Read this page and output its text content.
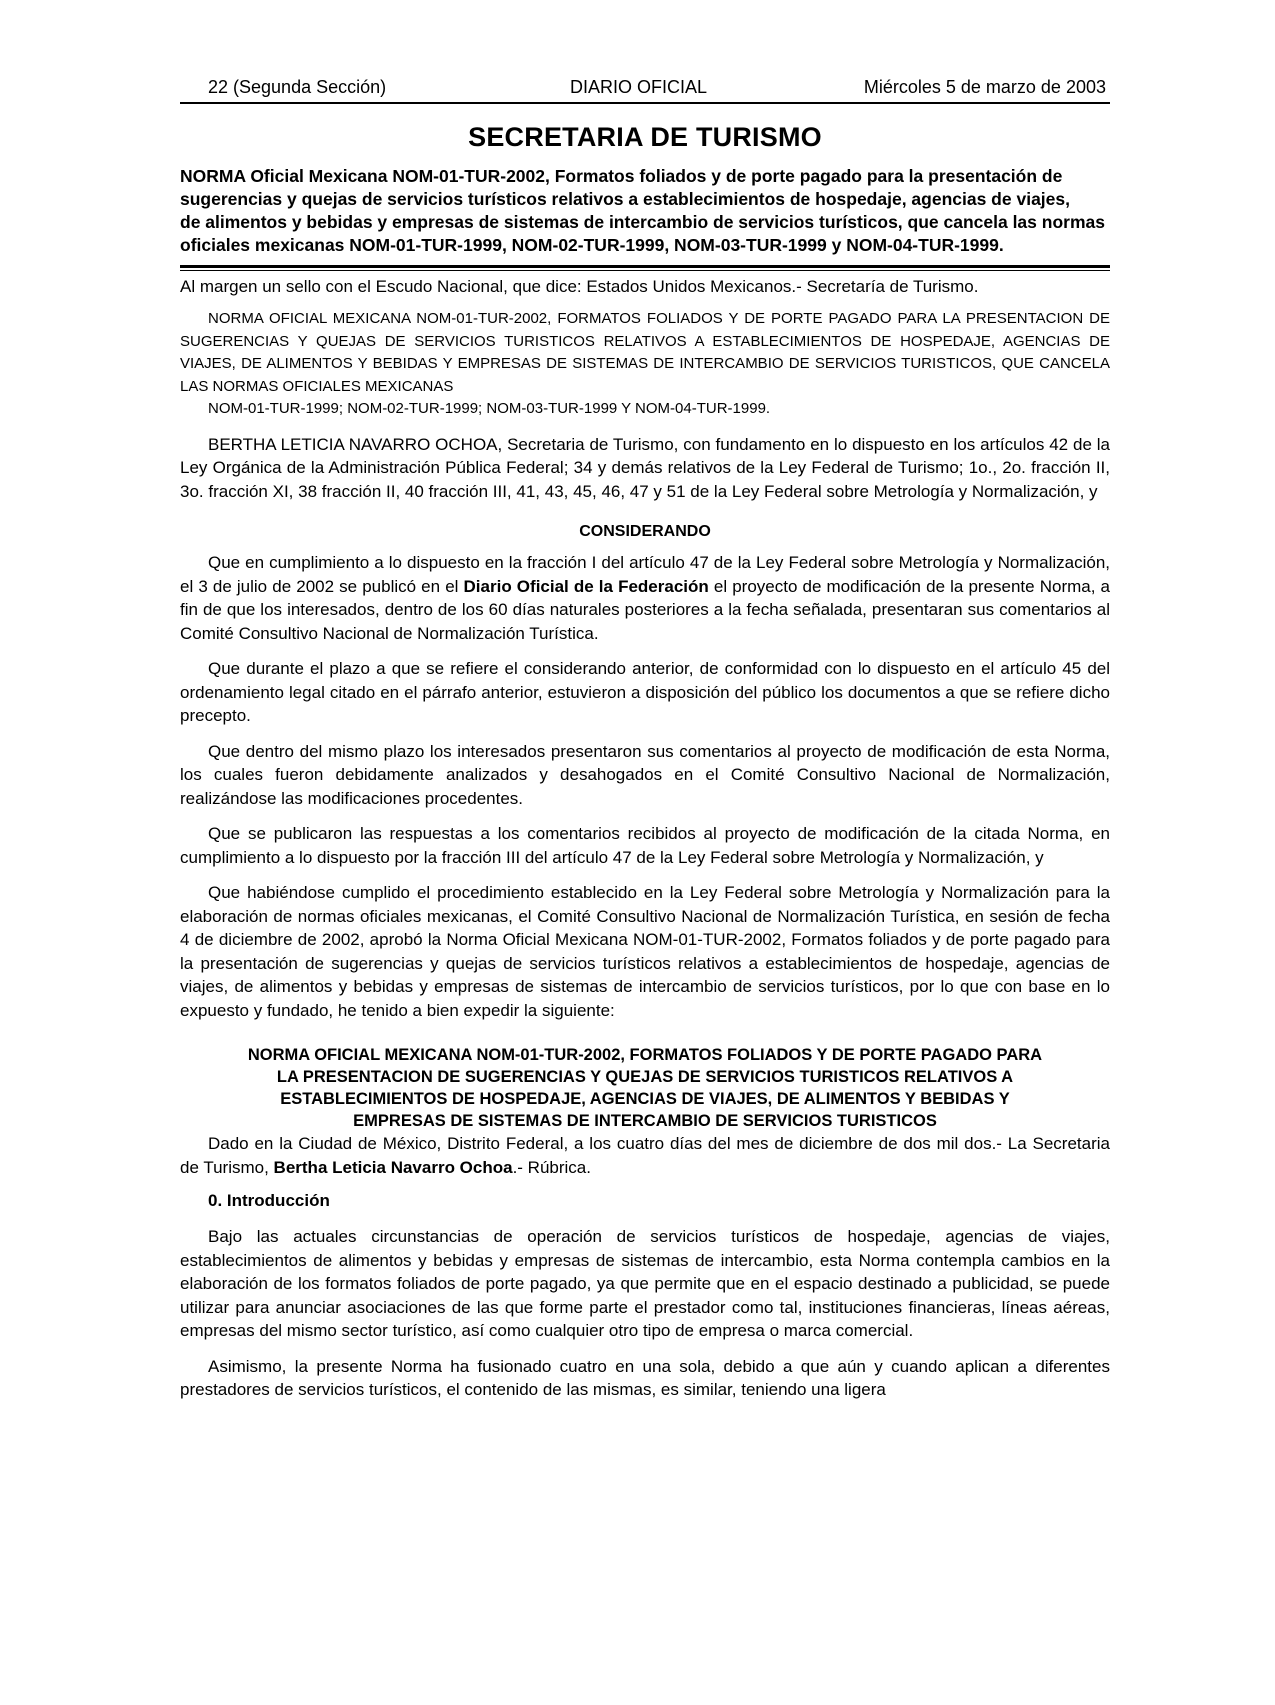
22 (Segunda Sección)	DIARIO OFICIAL	Miércoles 5 de marzo de 2003
SECRETARIA DE TURISMO

NORMA Oficial Mexicana NOM-01-TUR-2002, Formatos foliados y de porte pagado para la presentación de sugerencias y quejas de servicios turísticos relativos a establecimientos de hospedaje, agencias de viajes,

de alimentos y bebidas y empresas de sistemas de intercambio de servicios turísticos, que cancela las normas oficiales mexicanas NOM-01-TUR-1999, NOM-02-TUR-1999, NOM-03-TUR-1999 y NOM-04-TUR-1999.

Al margen un sello con el Escudo Nacional, que dice: Estados Unidos Mexicanos.- Secretaría de Turismo.

NORMA OFICIAL MEXICANA NOM-01-TUR-2002, FORMATOS FOLIADOS Y DE PORTE PAGADO PARA LA PRESENTACION DE SUGERENCIAS Y QUEJAS DE SERVICIOS TURISTICOS RELATIVOS A ESTABLECIMIENTOS DE HOSPEDAJE, AGENCIAS DE VIAJES, DE ALIMENTOS Y BEBIDAS Y EMPRESAS DE SISTEMAS DE INTERCAMBIO DE SERVICIOS TURISTICOS, QUE CANCELA LAS NORMAS OFICIALES MEXICANAS
NOM-01-TUR-1999; NOM-02-TUR-1999; NOM-03-TUR-1999 Y NOM-04-TUR-1999.

BERTHA LETICIA NAVARRO OCHOA, Secretaria de Turismo, con fundamento en lo dispuesto en los artículos 42 de la Ley Orgánica de la Administración Pública Federal; 34 y demás relativos de la Ley Federal de Turismo; 1o., 2o. fracción II, 3o. fracción XI, 38 fracción II, 40 fracción III, 41, 43, 45, 46, 47 y 51 de la Ley Federal sobre Metrología y Normalización, y

CONSIDERANDO

Que en cumplimiento a lo dispuesto en la fracción I del artículo 47 de la Ley Federal sobre Metrología y Normalización, el 3 de julio de 2002 se publicó en el Diario Oficial de la Federación el proyecto de modificación de la presente Norma, a fin de que los interesados, dentro de los 60 días naturales posteriores a la fecha señalada, presentaran sus comentarios al Comité Consultivo Nacional de Normalización Turística.

Que durante el plazo a que se refiere el considerando anterior, de conformidad con lo dispuesto en el artículo 45 del ordenamiento legal citado en el párrafo anterior, estuvieron a disposición del público los documentos a que se refiere dicho precepto.

Que dentro del mismo plazo los interesados presentaron sus comentarios al proyecto de modificación de esta Norma, los cuales fueron debidamente analizados y desahogados en el Comité Consultivo Nacional de Normalización, realizándose las modificaciones procedentes.

Que se publicaron las respuestas a los comentarios recibidos al proyecto de modificación de la citada Norma, en cumplimiento a lo dispuesto por la fracción III del artículo 47 de la Ley Federal sobre Metrología y Normalización, y

Que habiéndose cumplido el procedimiento establecido en la Ley Federal sobre Metrología y Normalización para la elaboración de normas oficiales mexicanas, el Comité Consultivo Nacional de Normalización Turística, en sesión de fecha 4 de diciembre de 2002, aprobó la Norma Oficial Mexicana NOM-01-TUR-2002, Formatos foliados y de porte pagado para la presentación de sugerencias y quejas de servicios turísticos relativos a establecimientos de hospedaje, agencias de viajes, de alimentos y bebidas y empresas de sistemas de intercambio de servicios turísticos, por lo que con base en lo expuesto y fundado, he tenido a bien expedir la siguiente:

NORMA OFICIAL MEXICANA NOM-01-TUR-2002, FORMATOS FOLIADOS Y DE PORTE PAGADO PARA
LA PRESENTACION DE SUGERENCIAS Y QUEJAS DE SERVICIOS TURISTICOS RELATIVOS A
ESTABLECIMIENTOS DE HOSPEDAJE, AGENCIAS DE VIAJES, DE ALIMENTOS Y BEBIDAS Y
EMPRESAS DE SISTEMAS DE INTERCAMBIO DE SERVICIOS TURISTICOS

Dado en la Ciudad de México, Distrito Federal, a los cuatro días del mes de diciembre de dos mil dos.- La Secretaria de Turismo, Bertha Leticia Navarro Ochoa.- Rúbrica.

0. Introducción

Bajo las actuales circunstancias de operación de servicios turísticos de hospedaje, agencias de viajes, establecimientos de alimentos y bebidas y empresas de sistemas de intercambio, esta Norma contempla cambios en la elaboración de los formatos foliados de porte pagado, ya que permite que en el espacio destinado a publicidad, se puede utilizar para anunciar asociaciones de las que forme parte el prestador como tal, instituciones financieras, líneas aéreas, empresas del mismo sector turístico, así como cualquier otro tipo de empresa o marca comercial.

Asimismo, la presente Norma ha fusionado cuatro en una sola, debido a que aún y cuando aplican a diferentes prestadores de servicios turísticos, el contenido de las mismas, es similar, teniendo una ligera
